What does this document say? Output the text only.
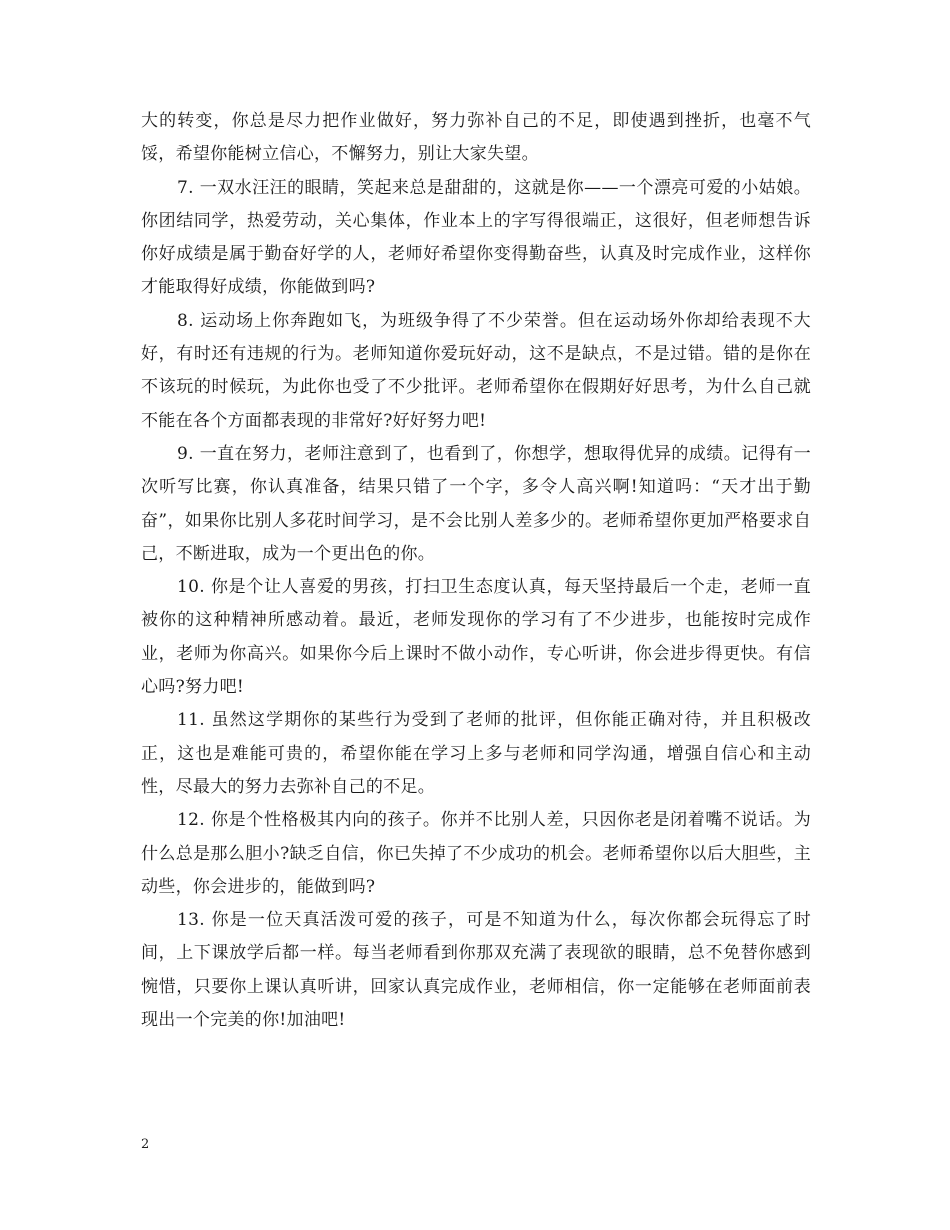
大的转变，你总是尽力把作业做好，努力弥补自己的不足，即使遇到挫折，也毫不气馁，希望你能树立信心，不懈努力，别让大家失望。

7. 一双水汪汪的眼睛，笑起来总是甜甜的，这就是你——一个漂亮可爱的小姑娘。你团结同学，热爱劳动，关心集体，作业本上的字写得很端正，这很好，但老师想告诉你好成绩是属于勤奋好学的人，老师好希望你变得勤奋些，认真及时完成作业，这样你才能取得好成绩，你能做到吗?

8. 运动场上你奔跑如飞，为班级争得了不少荣誉。但在运动场外你却给表现不大好，有时还有违规的行为。老师知道你爱玩好动，这不是缺点，不是过错。错的是你在不该玩的时候玩，为此你也受了不少批评。老师希望你在假期好好思考，为什么自己就不能在各个方面都表现的非常好?好好努力吧!

9. 一直在努力，老师注意到了，也看到了，你想学，想取得优异的成绩。记得有一次听写比赛，你认真准备，结果只错了一个字，多令人高兴啊!知道吗：“天才出于勤奋”，如果你比别人多花时间学习，是不会比别人差多少的。老师希望你更加严格要求自己，不断进取，成为一个更出色的你。

10. 你是个让人喜爱的男孩，打扫卫生态度认真，每天坚持最后一个走，老师一直被你的这种精神所感动着。最近，老师发现你的学习有了不少进步，也能按时完成作业，老师为你高兴。如果你今后上课时不做小动作，专心听讲，你会进步得更快。有信心吗?努力吧!

11. 虽然这学期你的某些行为受到了老师的批评，但你能正确对待，并且积极改正，这也是难能可贵的，希望你能在学习上多与老师和同学沟通，增强自信心和主动性，尽最大的努力去弥补自己的不足。

12. 你是个性格极其内向的孩子。你并不比别人差，只因你老是闭着嘴不说话。为什么总是那么胆小?缺乏自信，你已失掉了不少成功的机会。老师希望你以后大胆些，主动些，你会进步的，能做到吗?

13. 你是一位天真活泼可爱的孩子，可是不知道为什么，每次你都会玩得忘了时间，上下课放学后都一样。每当老师看到你那双充满了表现欲的眼睛，总不免替你感到惋惜，只要你上课认真听讲，回家认真完成作业，老师相信，你一定能够在老师面前表现出一个完美的你!加油吧!

2
